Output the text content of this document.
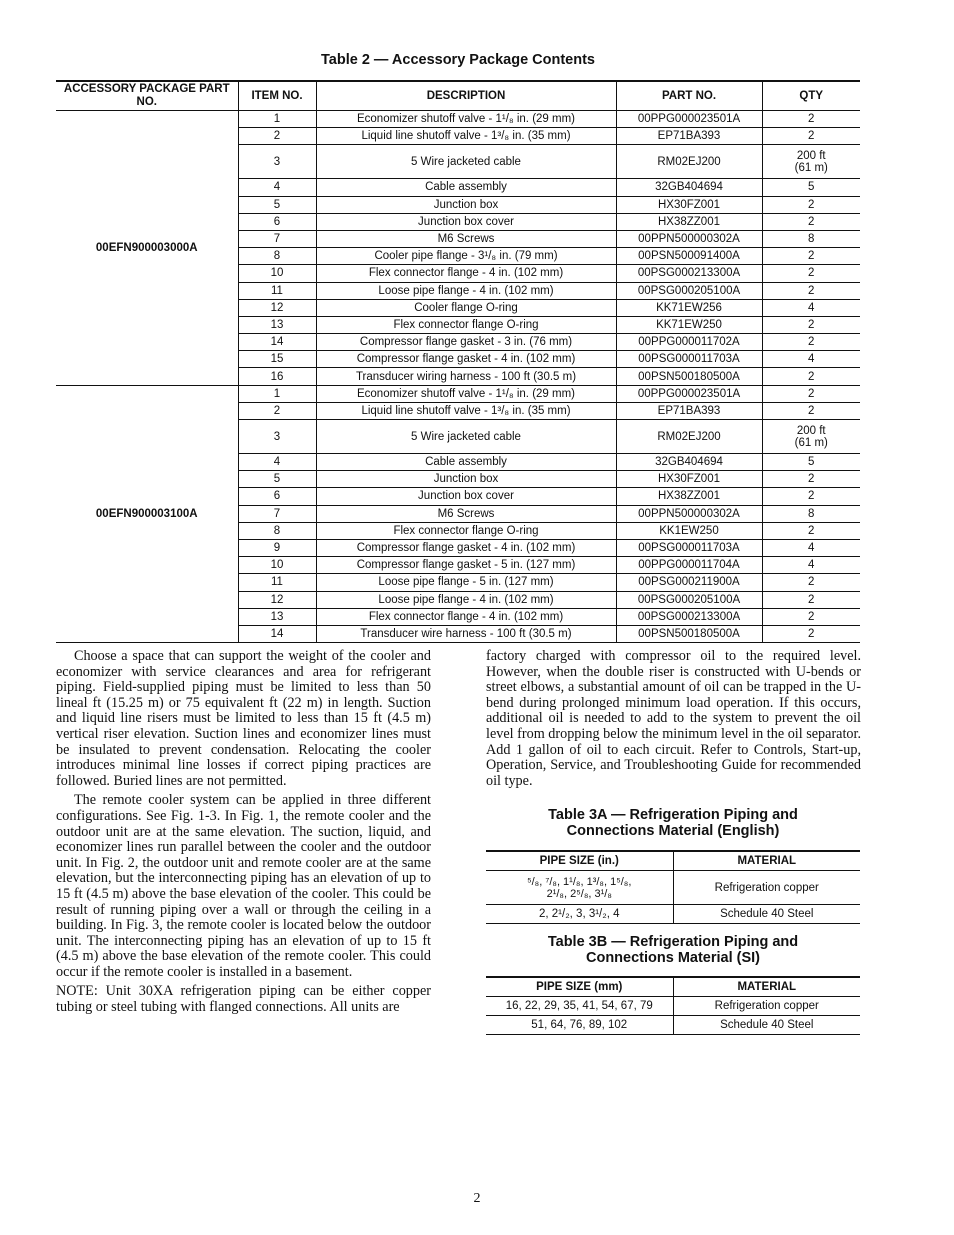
Table 2 — Accessory Package Contents
ACCESSORY PACKAGE PART NO.	ITEM NO.	DESCRIPTION	PART NO.	QTY
00EFN900003000A	1	Economizer shutoff valve - 1¹/₈ in. (29 mm)	00PPG000023501A	2
	2	Liquid line shutoff valve - 1³/₈ in. (35 mm)	EP71BA393	2
	3	5 Wire jacketed cable	RM02EJ200	200 ft
(61 m)

	4	Cable assembly	32GB404694	5
	5	Junction box	HX30FZ001	2
	6	Junction box cover	HX38ZZ001	2
	7	M6 Screws	00PPN500000302A	8
	8	Cooler pipe flange - 3¹/₈ in. (79 mm)	00PSN500091400A	2
	10	Flex connector flange - 4 in. (102 mm)	00PSG000213300A	2
	11	Loose pipe flange - 4 in. (102 mm)	00PSG000205100A	2
	12	Cooler flange O-ring	KK71EW256	4
	13	Flex connector flange O-ring	KK71EW250	2
	14	Compressor flange gasket - 3 in. (76 mm)	00PPG000011702A	2
	15	Compressor flange gasket - 4 in. (102 mm)	00PSG000011703A	4
	16	Transducer wiring harness - 100 ft (30.5 m)	00PSN500180500A	2
00EFN900003100A	1	Economizer shutoff valve - 1¹/₈ in. (29 mm)	00PPG000023501A	2
	2	Liquid line shutoff valve - 1³/₈ in. (35 mm)	EP71BA393	2
	3	5 Wire jacketed cable	RM02EJ200	200 ft
(61 m)

	4	Cable assembly	32GB404694	5
	5	Junction box	HX30FZ001	2
	6	Junction box cover	HX38ZZ001	2
	7	M6 Screws	00PPN500000302A	8
	8	Flex connector flange O-ring	KK1EW250	2
	9	Compressor flange gasket - 4 in. (102 mm)	00PSG000011703A	4
	10	Compressor flange gasket - 5 in. (127 mm)	00PPG000011704A	4
	11	Loose pipe flange - 5 in. (127 mm)	00PSG000211900A	2
	12	Loose pipe flange - 4 in. (102 mm)	00PSG000205100A	2
	13	Flex connector flange - 4 in. (102 mm)	00PSG000213300A	2
	14	Transducer wire harness - 100 ft (30.5 m)	00PSN500180500A	2

Choose a space that can support the weight of the cooler and economizer with service clearances and area for refrigerant piping. Field-supplied piping must be limited to less than 50 lineal ft (15.25 m) or 75 equivalent ft (22 m) in length. Suction and liquid line risers must be limited to less than 15 ft (4.5 m) vertical riser elevation. Suction lines and economizer lines must be insulated to prevent condensation. Relocating the cooler introduces minimal line losses if correct piping practices are followed. Buried lines are not permitted.

The remote cooler system can be applied in three different configurations. See Fig. 1-3. In Fig. 1, the remote cooler and the outdoor unit are at the same elevation. The suction, liquid, and economizer lines run parallel between the cooler and the outdoor unit. In Fig. 2, the outdoor unit and remote cooler are at the same elevation, but the interconnecting piping has an elevation of up to 15 ft (4.5 m) above the base elevation of the cooler. This could be result of running piping over a wall or through the ceiling in a building. In Fig. 3, the remote cooler is located below the outdoor unit. The interconnecting piping has an elevation of up to 15 ft (4.5 m) above the base elevation of the remote cooler. This could occur if the remote cooler is installed in a basement.

NOTE: Unit 30XA refrigeration piping can be either copper tubing or steel tubing with flanged connections. All units are

factory charged with compressor oil to the required level. However, when the double riser is constructed with U-bends or street elbows, a substantial amount of oil can be trapped in the U-bend during prolonged minimum load operation. If this occurs, additional oil is needed to add to the system to prevent the oil level from dropping below the minimum level in the oil separator. Add 1 gallon of oil to each circuit. Refer to Controls, Start-up, Operation, Service, and Troubleshooting Guide for recommended oil type.

Table 3A — Refrigeration Piping and
Connections Material (English)
PIPE SIZE (in.)	MATERIAL

⁵/₈, ⁷/₈, 1¹/₈, 1³/₈, 1⁵/₈,
2¹/₈, 2⁵/₈, 3¹/₈	Refrigeration copper
2, 2¹/₂, 3, 3¹/₂, 4	Schedule 40 Steel
Table 3B — Refrigeration Piping and
Connections Material (SI)
PIPE SIZE (mm)	MATERIAL
16, 22, 29, 35, 41, 54, 67, 79	Refrigeration copper
51, 64, 76, 89, 102	Schedule 40 Steel
2
